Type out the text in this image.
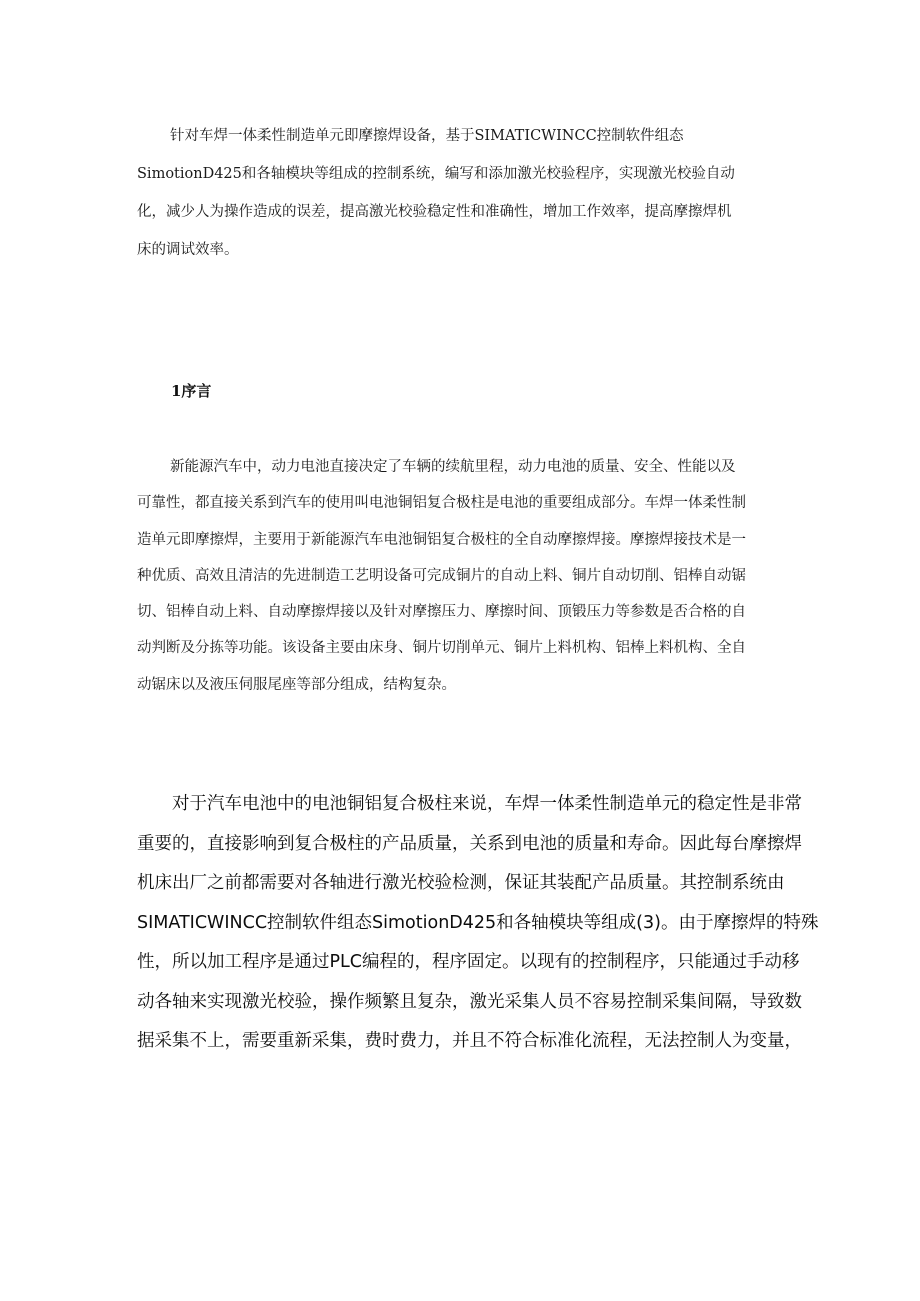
针对车焊一体柔性制造单元即摩擦焊设备，基于SIMATICWINCC控制软件组态
SimotionD425和各轴模块等组成的控制系统，编写和添加激光校验程序，实现激光校验自动
化，减少人为操作造成的误差，提高激光校验稳定性和准确性，增加工作效率，提高摩擦焊机
床的调试效率。

1序言

新能源汽车中，动力电池直接决定了车辆的续航里程，动力电池的质量、安全、性能以及
可靠性，都直接关系到汽车的使用叫电池铜铝复合极柱是电池的重要组成部分。车焊一体柔性制
造单元即摩擦焊，主要用于新能源汽车电池铜铝复合极柱的全自动摩擦焊接。摩擦焊接技术是一
种优质、高效且清洁的先进制造工艺明设备可完成铜片的自动上料、铜片自动切削、铝棒自动锯
切、铝棒自动上料、自动摩擦焊接以及针对摩擦压力、摩擦时间、顶锻压力等参数是否合格的自
动判断及分拣等功能。该设备主要由床身、铜片切削单元、铜片上料机构、铝棒上料机构、全自
动锯床以及液压伺服尾座等部分组成，结构复杂。

对于汽车电池中的电池铜铝复合极柱来说，车焊一体柔性制造单元的稳定性是非常
重要的，直接影响到复合极柱的产品质量，关系到电池的质量和寿命。因此每台摩擦焊
机床出厂之前都需要对各轴进行激光校验检测，保证其装配产品质量。其控制系统由
SIMATICWINCC控制软件组态SimotionD425和各轴模块等组成(3)。由于摩擦焊的特殊
性，所以加工程序是通过PLC编程的，程序固定。以现有的控制程序，只能通过手动移
动各轴来实现激光校验，操作频繁且复杂，激光采集人员不容易控制采集间隔，导致数
据采集不上，需要重新采集，费时费力，并且不符合标准化流程，无法控制人为变量，
